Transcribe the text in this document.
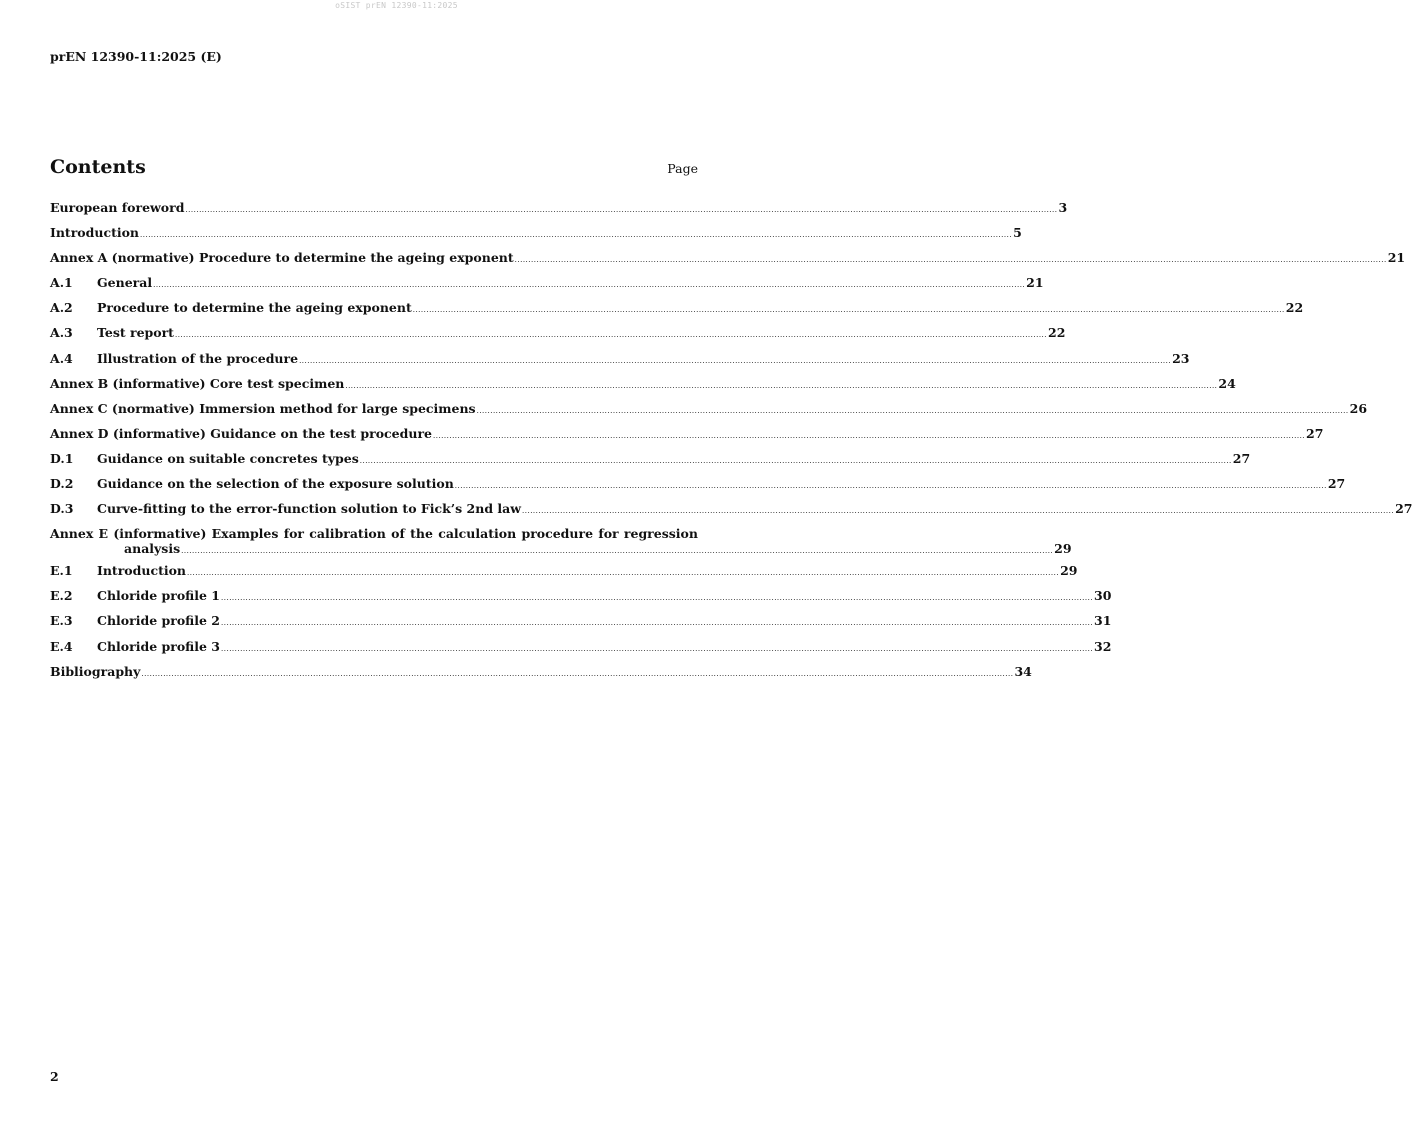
oSIST prEN 12390-11:2025
prEN 12390-11:2025 (E)
Contents	Page
European foreword .....	3
Introduction .....	5
Annex A (normative) Procedure to determine the ageing exponent .....	21
A.1	General .....	21
A.2	Procedure to determine the ageing exponent .....	22
A.3	Test report .....	22
A.4	Illustration of the procedure .....	23
Annex B (informative) Core test specimen .....	24
Annex C (normative) Immersion method for large specimens .....	26
Annex D (informative) Guidance on the test procedure .....	27
D.1	Guidance on suitable concretes types .....	27
D.2	Guidance on the selection of the exposure solution .....	27
D.3	Curve-fitting to the error-function solution to Fick’s 2nd law .....	27
Annex E (informative) Examples for calibration of the calculation procedure for regression
analysis .....	29
E.1	Introduction .....	29
E.2	Chloride profile 1 .....	30
E.3	Chloride profile 2 .....	31
E.4	Chloride profile 3 .....	32
Bibliography .....	34
2
